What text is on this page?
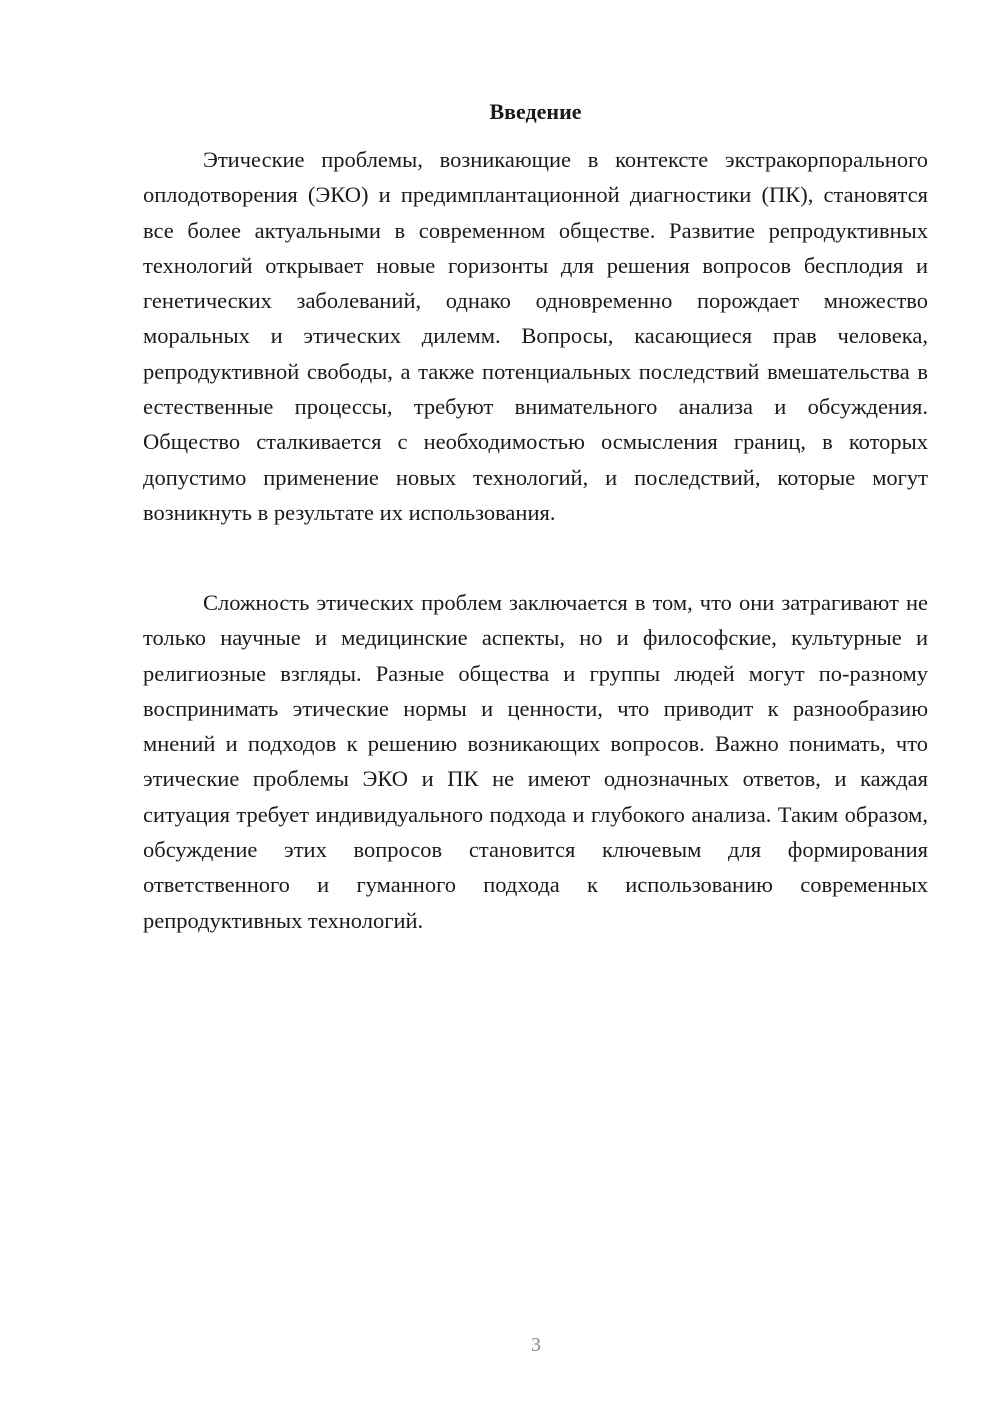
Введение

Этические проблемы, возникающие в контексте экстракорпорального оплодотворения (ЭКО) и предимплантационной диагностики (ПК), становятся все более актуальными в современном обществе. Развитие репродуктивных технологий открывает новые горизонты для решения вопросов бесплодия и генетических заболеваний, однако одновременно порождает множество моральных и этических дилемм. Вопросы, касающиеся прав человека, репродуктивной свободы, а также потенциальных последствий вмешательства в естественные процессы, требуют внимательного анализа и обсуждения. Общество сталкивается с необходимостью осмысления границ, в которых допустимо применение новых технологий, и последствий, которые могут возникнуть в результате их использования.

Сложность этических проблем заключается в том, что они затрагивают не только научные и медицинские аспекты, но и философские, культурные и религиозные взгляды. Разные общества и группы людей могут по-разному воспринимать этические нормы и ценности, что приводит к разнообразию мнений и подходов к решению возникающих вопросов. Важно понимать, что этические проблемы ЭКО и ПК не имеют однозначных ответов, и каждая ситуация требует индивидуального подхода и глубокого анализа. Таким образом, обсуждение этих вопросов становится ключевым для формирования ответственного и гуманного подхода к использованию современных репродуктивных технологий.

3
